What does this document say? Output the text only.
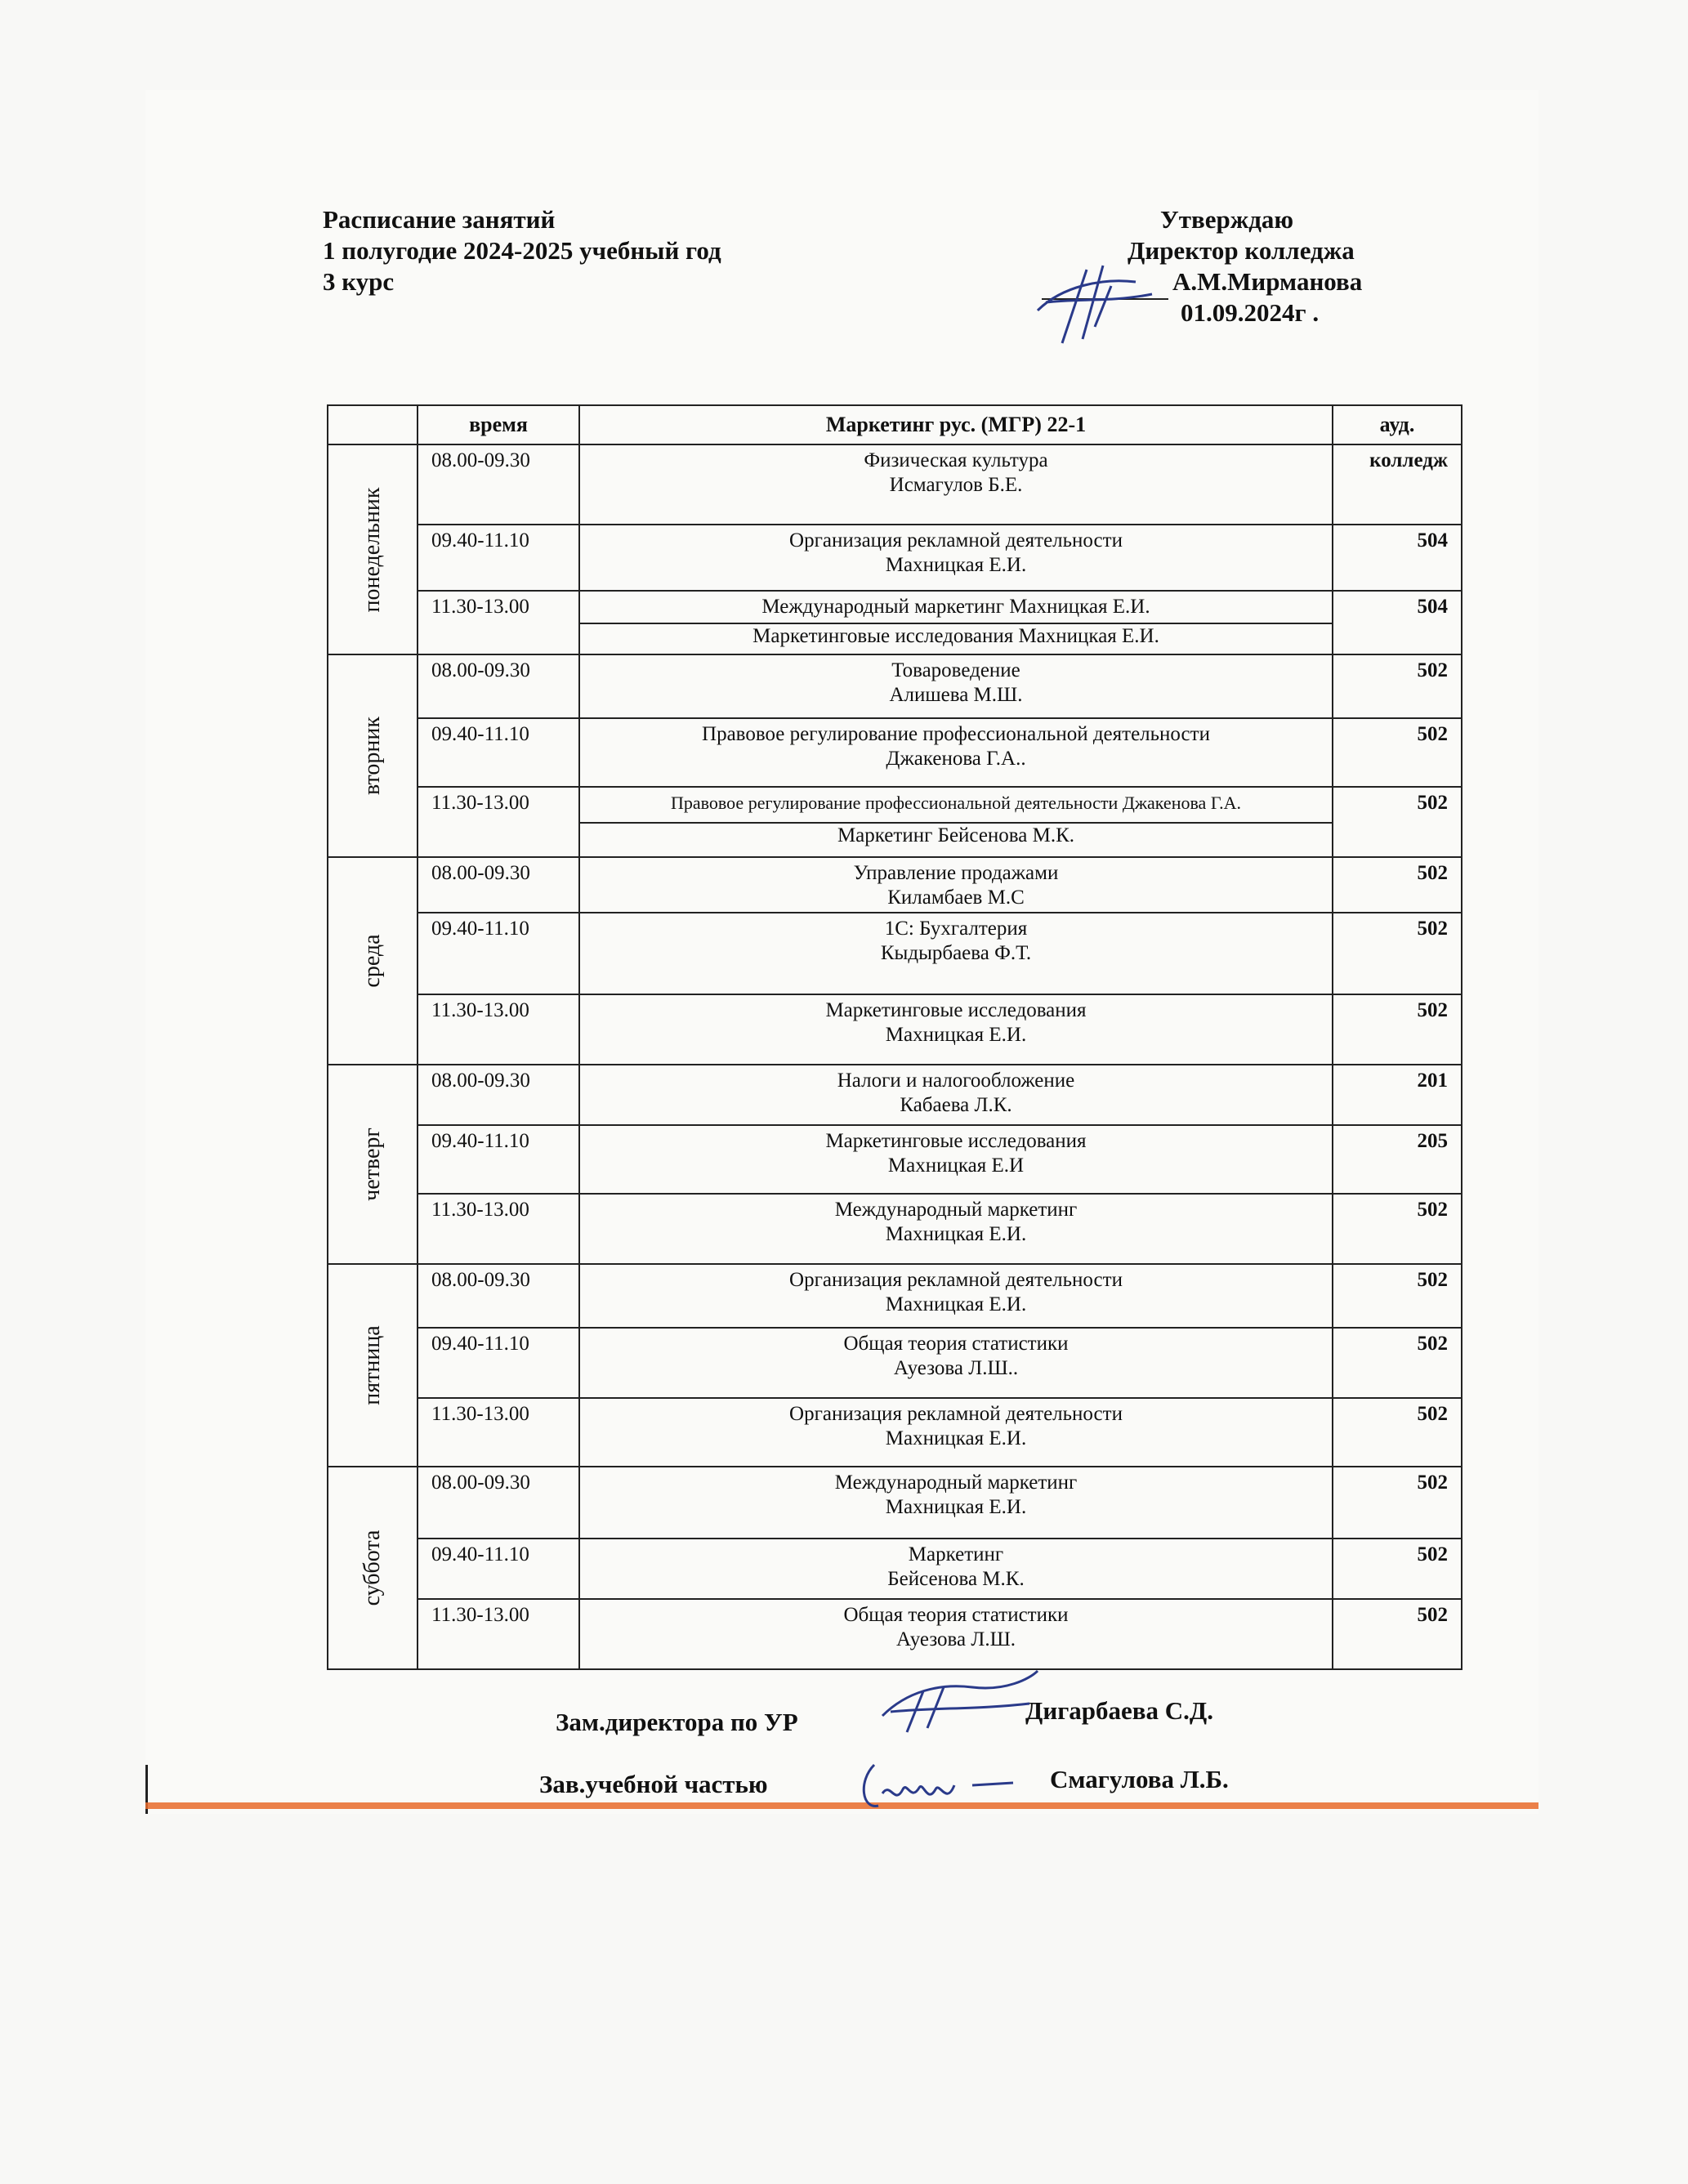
Расписание занятий
1 полугодие 2024-2025 учебный год
3 курс
Утверждаю
Директор колледжа
А.М.Мирманова
01.09.2024г .
	время	Маркетинг рус. (МГР) 22-1	ауд.

понедельник	08.00-09.30	Физическая культура
Исмагулов Б.Е.	колледж
	09.40-11.10	Организация рекламной деятельности
Махницкая Е.И.	504
	11.30-13.00	Международный маркетинг Махницкая Е.И.
Маркетинговые исследования Махницкая Е.И.	504

вторник	08.00-09.30	Товароведение
Алишева М.Ш.	502
	09.40-11.10	Правовое регулирование профессиональной деятельности
Джакенова Г.А..	502
	11.30-13.00	Правовое регулирование профессиональной деятельности Джакенова Г.А.
Маркетинг Бейсенова М.К.	502

среда	08.00-09.30	Управление продажами
Киламбаев М.С	502
	09.40-11.10	1С: Бухгалтерия
Кыдырбаева Ф.Т.	502
	11.30-13.00	Маркетинговые исследования
Махницкая Е.И.	502

четверг	08.00-09.30	Налоги и налогообложение
Кабаева Л.К.	201
	09.40-11.10	Маркетинговые исследования
Махницкая Е.И	205
	11.30-13.00	Международный маркетинг
Махницкая Е.И.	502

пятница	08.00-09.30	Организация рекламной деятельности
Махницкая Е.И.	502
	09.40-11.10	Общая теория статистики
Ауезова Л.Ш..	502
	11.30-13.00	Организация рекламной деятельности
Махницкая Е.И.	502

суббота	08.00-09.30	Международный маркетинг
Махницкая Е.И.	502
	09.40-11.10	Маркетинг
Бейсенова М.К.	502
	11.30-13.00	Общая теория статистики
Ауезова Л.Ш.	502
Зам.директора по УР	Дигарбаева С.Д.
Зав.учебной частью	Смагулова Л.Б.
